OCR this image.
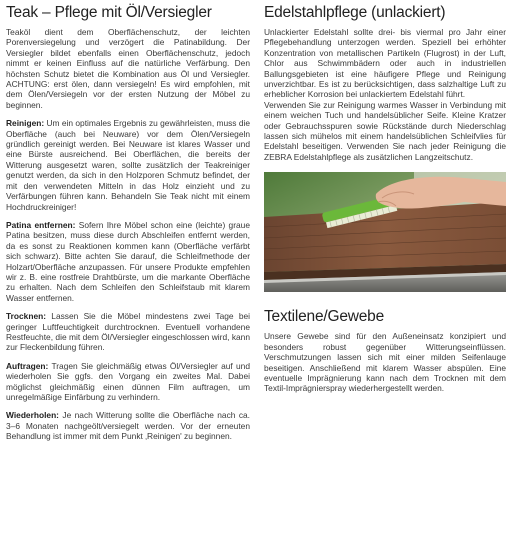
Teak – Pflege mit Öl/Versiegler

Teaköl dient dem Oberflächenschutz, der leichten Porenversiegelung und verzögert die Patinabildung. Der Versiegler bildet ebenfalls einen Oberflächenschutz, jedoch nimmt er keinen Einfluss auf die natürliche Verfärbung. Den höchsten Schutz bietet die Kombination aus Öl und Versiegler. ACHTUNG: erst ölen, dann versiegeln! Es wird empfohlen, mit dem Ölen/Versiegeln vor der ersten Nutzung der Möbel zu beginnen.

Reinigen: Um ein optimales Ergebnis zu gewährleisten, muss die Oberfläche (auch bei Neuware) vor dem Ölen/Versiegeln gründlich gereinigt werden. Bei Neuware ist klares Wasser und eine Bürste ausreichend. Bei Oberflächen, die bereits der Witterung ausgesetzt waren, sollte zusätzlich der Teakreiniger genutzt werden, da sich in den Holzporen Schmutz befindet, der mit den verwendeten Mitteln in das Holz einzieht und zu Verfärbungen führen kann. Behandeln Sie Teak nicht mit einem Hochdruckreiniger!

Patina entfernen: Sofern Ihre Möbel schon eine (leichte) graue Patina besitzen, muss diese durch Abschleifen entfernt werden, da es sonst zu Reaktionen kommen kann (Oberfläche verfärbt sich schwarz). Bitte achten Sie darauf, die Schleifmethode der Holzart/Oberfläche anzupassen. Für unsere Produkte empfehlen wir z. B. eine rostfreie Drahtbürste, um die markante Oberfläche zu erhalten. Nach dem Schleifen den Schleifstaub mit klarem Wasser entfernen.

Trocknen: Lassen Sie die Möbel mindestens zwei Tage bei geringer Luftfeuchtigkeit durchtrocknen. Eventuell vorhandene Restfeuchte, die mit dem Öl/Versiegler eingeschlossen wird, kann zur Fleckenbildung führen.

Auftragen: Tragen Sie gleichmäßig etwas Öl/Versiegler auf und wiederholen Sie ggfs. den Vorgang ein zweites Mal. Dabei möglichst gleichmäßig einen dünnen Film auftragen, um unregelmäßige Einfärbung zu verhindern.

Wiederholen: Je nach Witterung sollte die Oberfläche nach ca. 3–6 Monaten nachgeölt/versiegelt werden. Vor der erneuten Behandlung ist immer mit dem Punkt ‚Reinigen' zu beginnen.

Edelstahlpflege (unlackiert)

Unlackierter Edelstahl sollte drei- bis viermal pro Jahr einer Pflegebehandlung unterzogen werden. Speziell bei erhöhter Konzentration von metallischen Partikeln (Flugrost) in der Luft, Chlor aus Schwimmbädern oder auch in industriellen Ballungsgebieten ist eine häufigere Pflege und Reinigung unverzichtbar. Es ist zu berücksichtigen, dass salzhaltige Luft zu erheblicher Korrosion bei unlackiertem Edelstahl führt.

Verwenden Sie zur Reinigung warmes Wasser in Verbindung mit einem weichen Tuch und handelsüblicher Seife. Kleine Kratzer oder Gebrauchsspuren sowie Rückstände durch Niederschlag lassen sich mühelos mit einem handelsüblichen Schleifvlies für Edelstahl beseitigen. Verwenden Sie nach jeder Reinigung die ZEBRA Edelstahlpflege als zusätzlichen Langzeitschutz.

Textilene/Gewebe

Unsere Gewebe sind für den Außeneinsatz konzipiert und besonders robust gegenüber Witterungseinflüssen. Verschmutzungen lassen sich mit einer milden Seifenlauge beseitigen. Anschließend mit klarem Wasser abspülen. Eine eventuelle Imprägnierung kann nach dem Trocknen mit dem Textil-Imprägnierspray wiederhergestellt werden.
